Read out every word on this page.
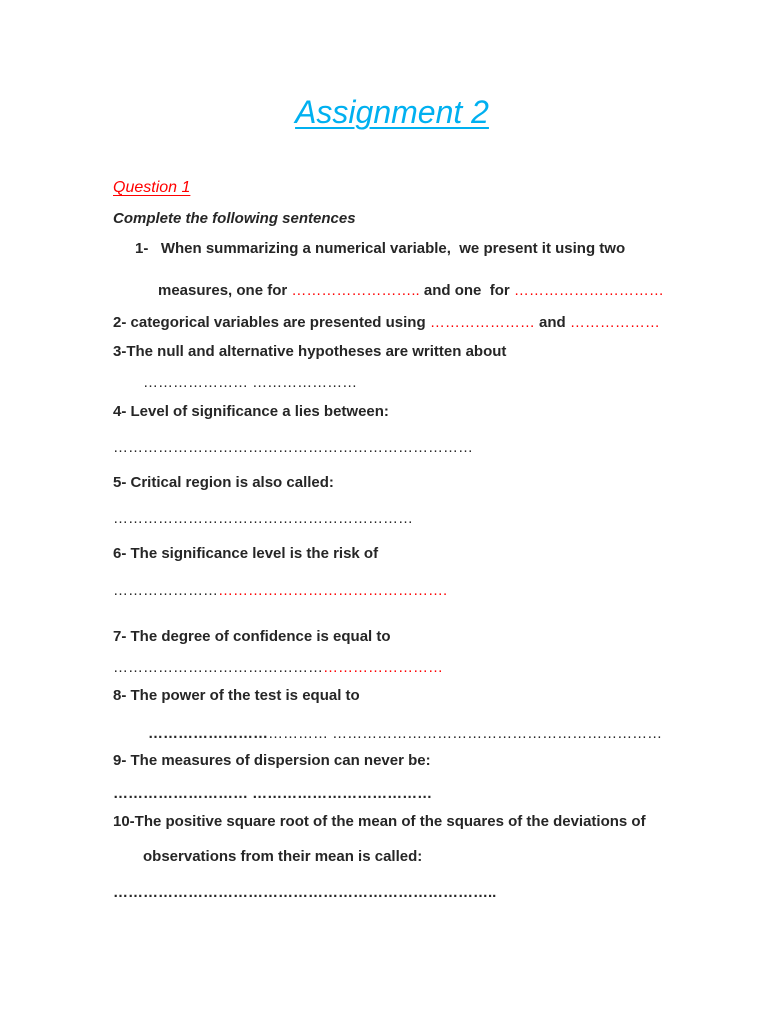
Assignment 2
Question 1
Complete the following sentences
1-   When summarizing a numerical variable,  we present it using two
measures, one for …………………….. and one  for …………………………
2- categorical variables are presented using ………………… and ………………
3-The null and alternative hypotheses are written about
………………… …………………
4- Level of significance a lies between:
………………………………………………………………
5- Critical region is also called:
……………………………………………………
6- The significance level is the risk of
………………………………………………………….
7- The degree of confidence is equal to
…………………………………………………………
8- The power of the test is equal to
……………………………… …………………………………………………………
9- The measures of dispersion can never be:
……………………… ………………………………
10-The positive square root of the mean of the squares of the deviations of
observations from their mean is called:
…………………………………………………………………..
